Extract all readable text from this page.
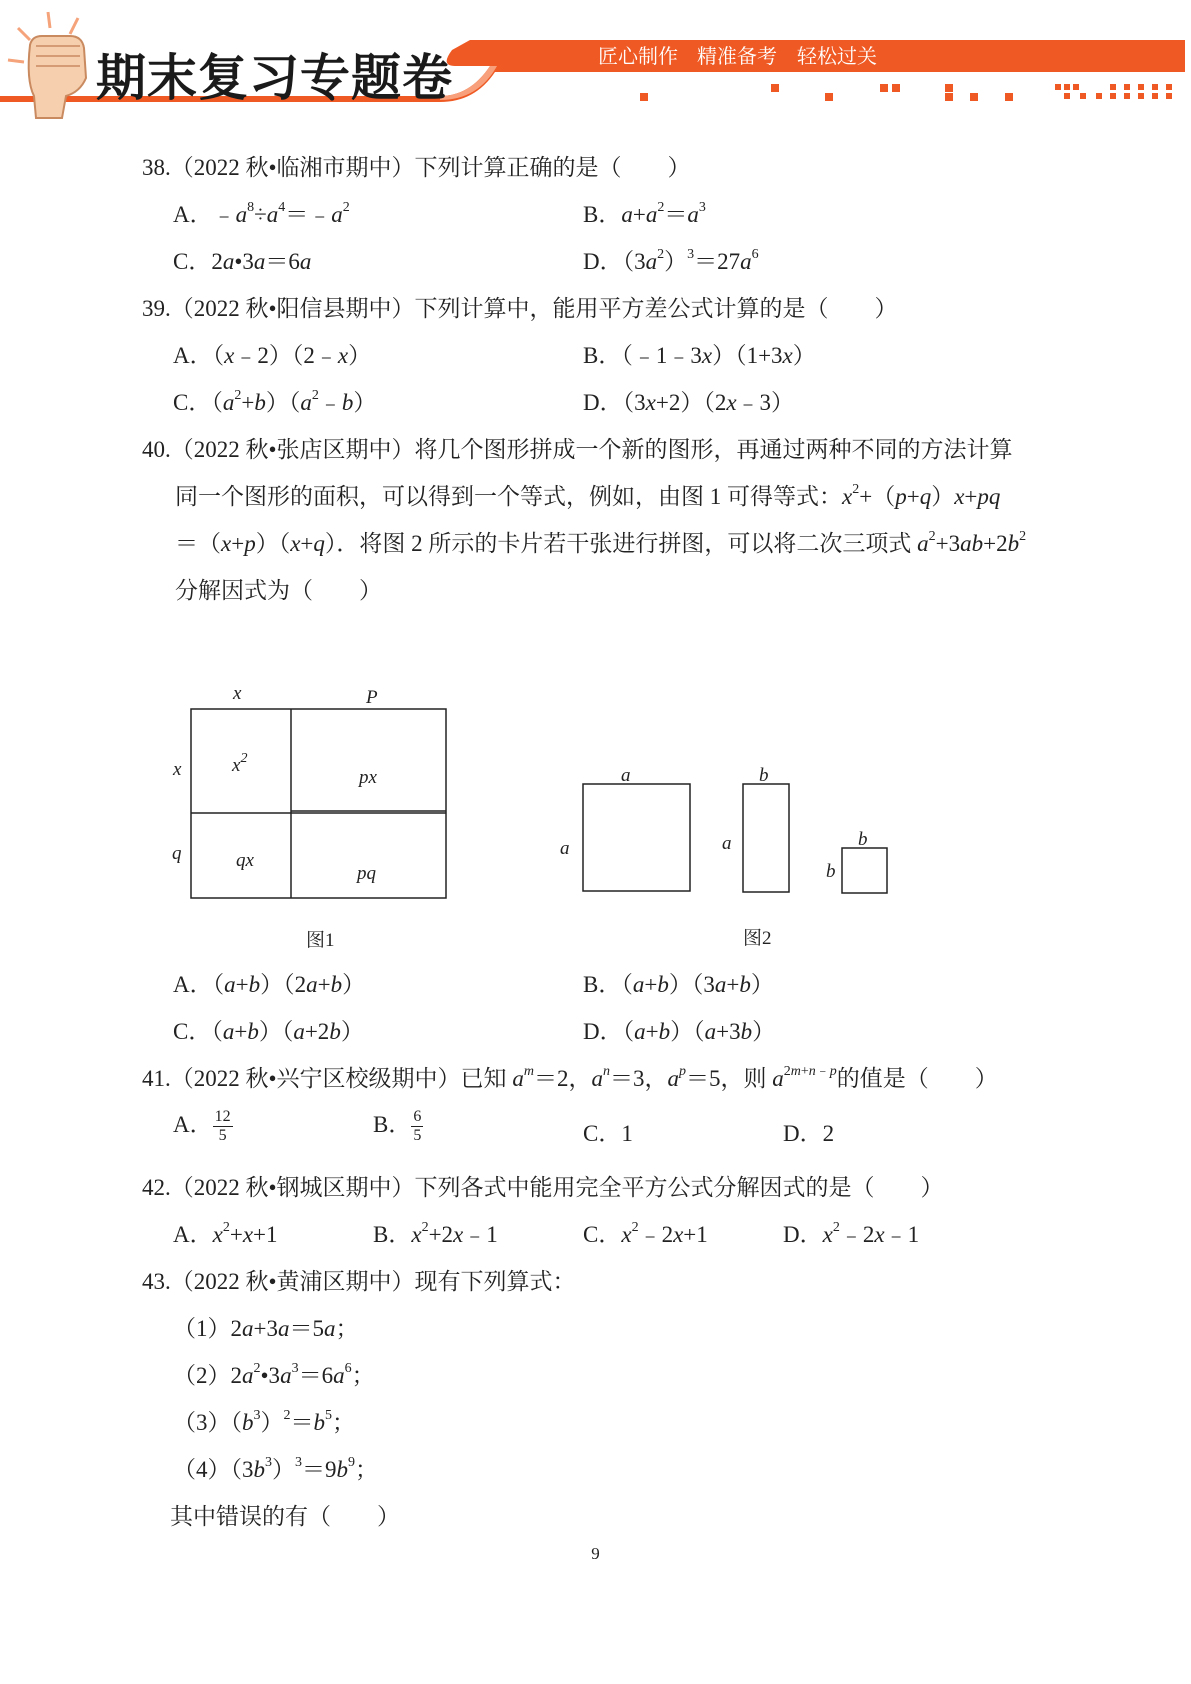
期末复习专题卷	匠心制作 精准备考 轻松过关
38.（2022 秋•临湘市期中）下列计算正确的是（　　）
A．$﹣a^8\div a^4=﹣a^2$	B．$a+a^2=a^3$
C．2a•3a＝6a	D．$(3a^2)^3=27a^6$
39.（2022 秋•阳信县期中）下列计算中，能用平方差公式计算的是（　　）
A．（x﹣2）（2﹣x）	B．（﹣1﹣3x）（1+3x）
C．$(a^2+b)(a^2﹣b)$	D．（3x+2）（2x﹣3）
40.（2022 秋•张店区期中）将几个图形拼成一个新的图形，再通过两种不同的方法计算
同一个图形的面积，可以得到一个等式，例如，由图 1 可得等式：$x^2+(p+q)x+pq$
＝（x+p）（x+q）．将图 2 所示的卡片若干张进行拼图，可以将二次三项式 $a^2+3ab+2b^2$
分解因式为（　　）
x	P
x
q
$x^2$
px
qx
pq
图1
a
a
b
a	b
b
图2
A．（a+b）（2a+b）	B．（a+b）（3a+b）
C．（a+b）（a+2b）	D．（a+b）（a+3b）
41.（2022 秋•兴宁区校级期中）已知 $a^m=2$，$a^n=3$，$a^p=5$，则 $a^{2m+n﹣p}$的值是（　　）
A． $\frac{12}{5}$	B． $\frac{6}{5}$	C．1	D．2
42.（2022 秋•钢城区期中）下列各式中能用完全平方公式分解因式的是（　　）
A．$x^2+x+1$	B．$x^2+2x﹣1$	C．$x^2﹣2x+1$	D．$x^2﹣2x﹣1$
43.（2022 秋•黄浦区期中）现有下列算式：
（1）2a+3a＝5a；
$(2)2a^2•3a^3=6a^6$；
$(3)(b^3)^2=b^5$；
$(4)(3b^3)^3=9b^9$；
其中错误的有（　　）
9
